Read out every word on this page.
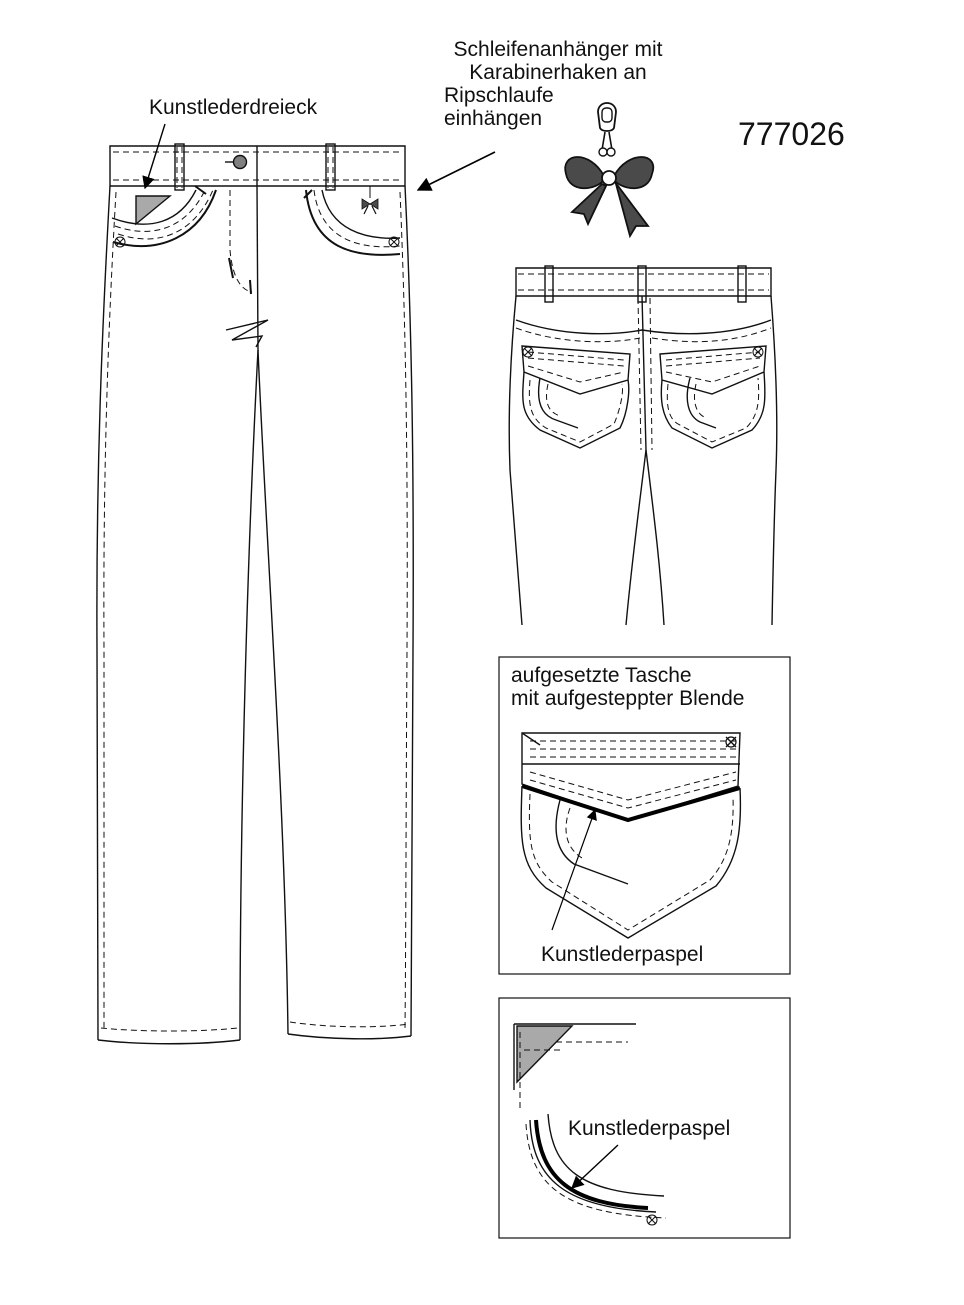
Kunstlederdreieck
Schleifenanhänger mit
Karabinerhaken an
Ripschlaufe
einhängen	777026
aufgesetzte Tasche
mit aufgesteppter Blende
Kunstlederpaspel
Kunstlederpaspel
